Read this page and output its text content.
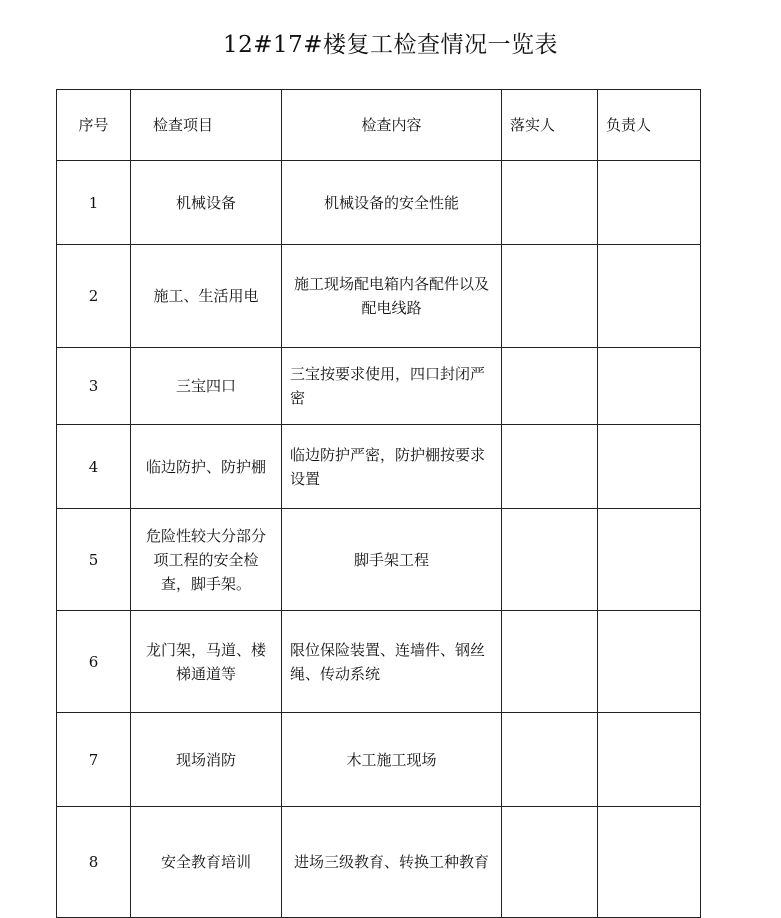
12#17#楼复工检查情况一览表
序号	检查项目	检查内容	落实人	负责人
1	机械设备	机械设备的安全性能		
2	施工、生活用电	施工现场配电箱内各配件以及配电线路		
3	三宝四口	三宝按要求使用，四口封闭严密		
4	临边防护、防护棚	临边防护严密，防护棚按要求设置		
5	危险性较大分部分项工程的安全检查，脚手架。	脚手架工程		
6	龙门架，马道、楼梯通道等	限位保险装置、连墙件、钢丝绳、传动系统		
7	现场消防	木工施工现场		
8	安全教育培训	进场三级教育、转换工种教育		
